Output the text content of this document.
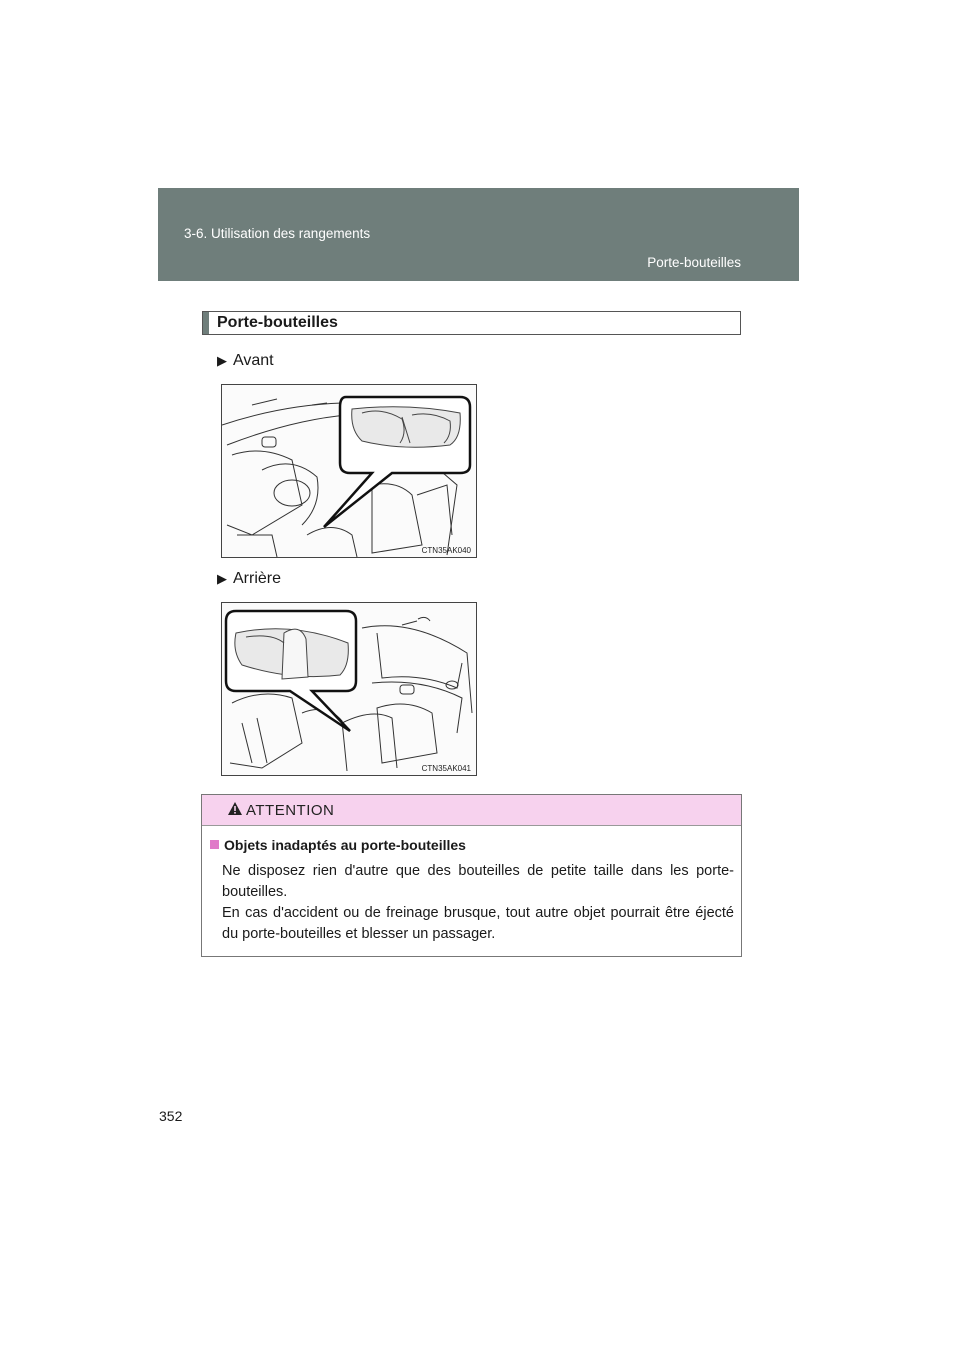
3-6. Utilisation des rangements
Porte-bouteilles
Porte-bouteilles
▶ Avant
CTN35AK040
▶ Arrière
CTN35AK041
ATTENTION
Objets inadaptés au porte-bouteilles

Ne disposez rien d'autre que des bouteilles de petite taille dans les porte-bouteilles.

En cas d'accident ou de freinage brusque, tout autre objet pourrait être éjecté du porte-bouteilles et blesser un passager.

352
